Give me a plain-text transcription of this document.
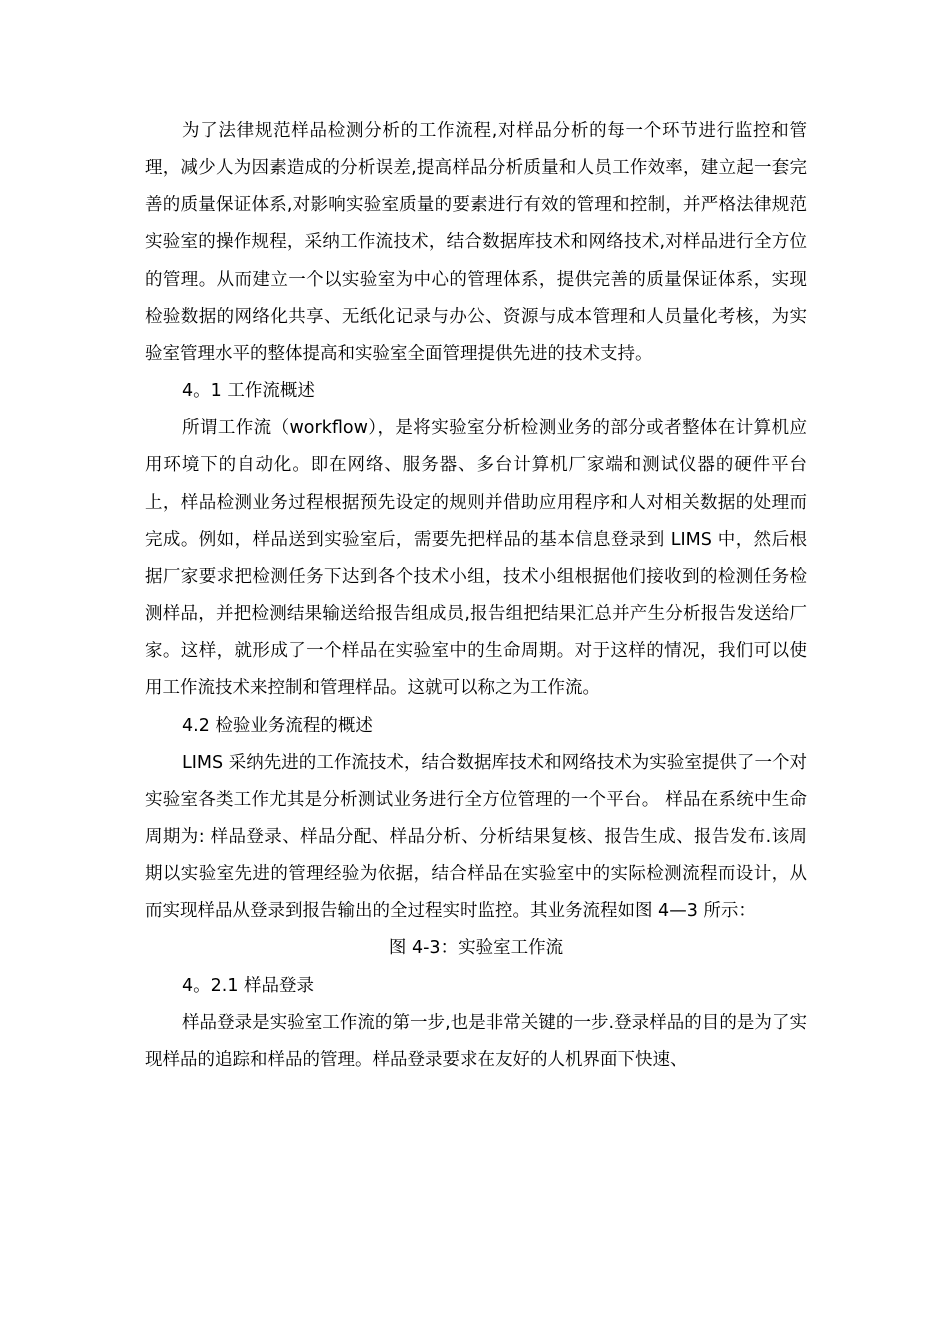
为了法律规范样品检测分析的工作流程,对样品分析的每一个环节进行监控和管理，减少人为因素造成的分析误差,提高样品分析质量和人员工作效率，建立起一套完善的质量保证体系,对影响实验室质量的要素进行有效的管理和控制，并严格法律规范实验室的操作规程，采纳工作流技术，结合数据库技术和网络技术,对样品进行全方位的管理。从而建立一个以实验室为中心的管理体系，提供完善的质量保证体系，实现检验数据的网络化共享、无纸化记录与办公、资源与成本管理和人员量化考核，为实验室管理水平的整体提高和实验室全面管理提供先进的技术支持。

4。1 工作流概述

所谓工作流（workflow），是将实验室分析检测业务的部分或者整体在计算机应用环境下的自动化。即在网络、服务器、多台计算机厂家端和测试仪器的硬件平台上，样品检测业务过程根据预先设定的规则并借助应用程序和人对相关数据的处理而完成。例如，样品送到实验室后，需要先把样品的基本信息登录到 LIMS 中，然后根据厂家要求把检测任务下达到各个技术小组，技术小组根据他们接收到的检测任务检测样品，并把检测结果输送给报告组成员,报告组把结果汇总并产生分析报告发送给厂家。这样，就形成了一个样品在实验室中的生命周期。对于这样的情况，我们可以使用工作流技术来控制和管理样品。这就可以称之为工作流。

4.2 检验业务流程的概述

LIMS 采纳先进的工作流技术，结合数据库技术和网络技术为实验室提供了一个对实验室各类工作尤其是分析测试业务进行全方位管理的一个平台。 样品在系统中生命周期为: 样品登录、样品分配、样品分析、分析结果复核、报告生成、报告发布.该周期以实验室先进的管理经验为依据，结合样品在实验室中的实际检测流程而设计，从而实现样品从登录到报告输出的全过程实时监控。其业务流程如图 4—3 所示：

图 4-3：实验室工作流

4。2.1 样品登录

样品登录是实验室工作流的第一步,也是非常关键的一步.登录样品的目的是为了实现样品的追踪和样品的管理。样品登录要求在友好的人机界面下快速、
